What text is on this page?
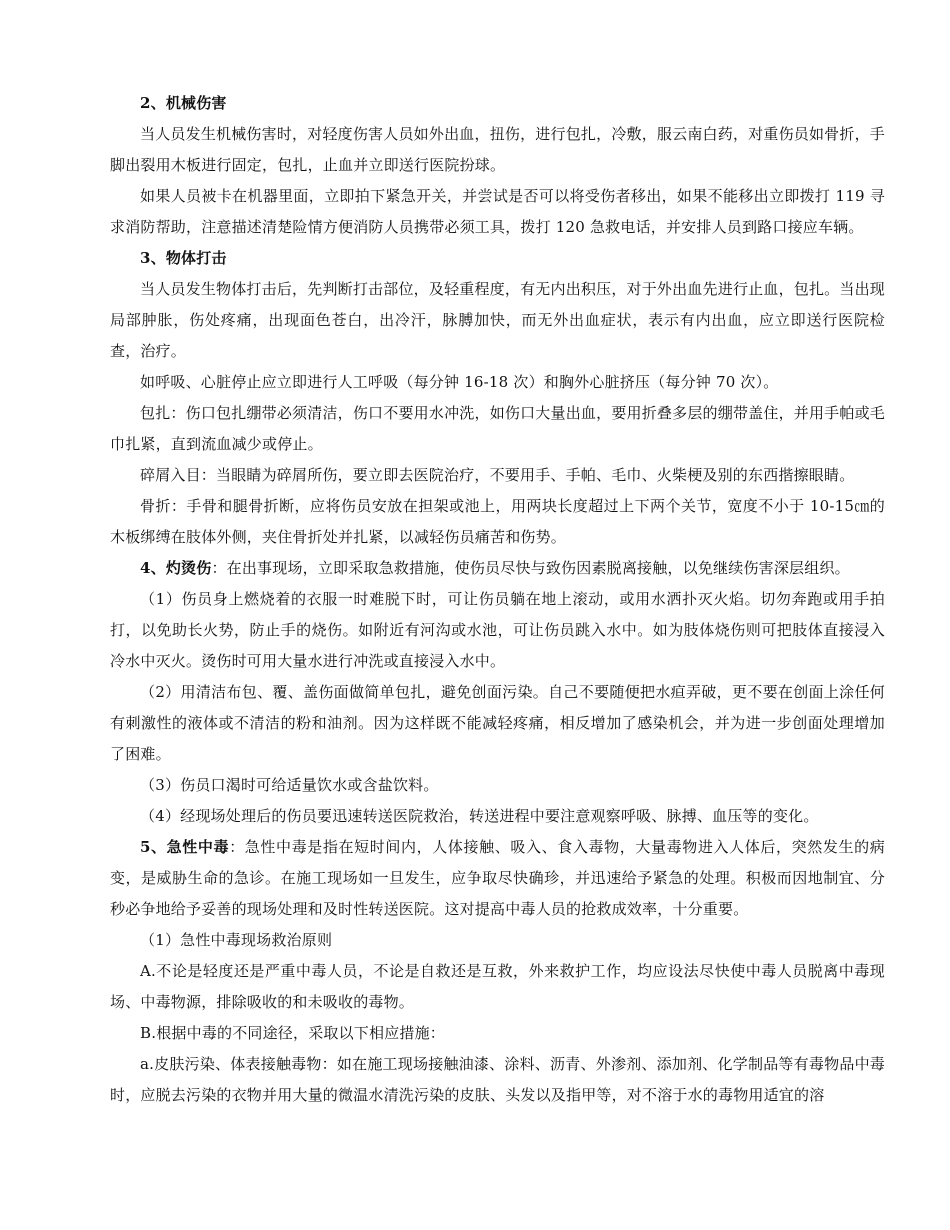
2、机械伤害

当人员发生机械伤害时，对轻度伤害人员如外出血，扭伤，进行包扎，冷敷，服云南白药，对重伤员如骨折，手脚出裂用木板进行固定，包扎，止血并立即送行医院扮球。

如果人员被卡在机器里面，立即拍下紧急开关，并尝试是否可以将受伤者移出，如果不能移出立即拨打 119 寻求消防帮助，注意描述清楚险情方便消防人员携带必须工具，拨打 120 急救电话，并安排人员到路口接应车辆。

3、物体打击

当人员发生物体打击后，先判断打击部位，及轻重程度，有无内出积压，对于外出血先进行止血，包扎。当出现局部肿胀，伤处疼痛，出现面色苍白，出冷汗，脉膊加快，而无外出血症状，表示有内出血，应立即送行医院检查，治疗。

如呼吸、心脏停止应立即进行人工呼吸（每分钟 16-18 次）和胸外心脏挤压（每分钟 70 次）。

包扎：伤口包扎绷带必须清洁，伤口不要用水冲洗，如伤口大量出血，要用折叠多层的绷带盖住，并用手帕或毛巾扎紧，直到流血减少或停止。

碎屑入目：当眼睛为碎屑所伤，要立即去医院治疗，不要用手、手帕、毛巾、火柴梗及别的东西揩擦眼睛。

骨折：手骨和腿骨折断，应将伤员安放在担架或池上，用两块长度超过上下两个关节，宽度不小于 10-15㎝的木板绑缚在肢体外侧，夹住骨折处并扎紧，以减轻伤员痛苦和伤势。

4、灼烫伤：在出事现场，立即采取急救措施，使伤员尽快与致伤因素脱离接触，以免继续伤害深层组织。

（1）伤员身上燃烧着的衣服一时难脱下时，可让伤员躺在地上滚动，或用水洒扑灭火焰。切勿奔跑或用手拍打，以免助长火势，防止手的烧伤。如附近有河沟或水池，可让伤员跳入水中。如为肢体烧伤则可把肢体直接浸入冷水中灭火。烫伤时可用大量水进行冲洗或直接浸入水中。

（2）用清洁布包、覆、盖伤面做简单包扎，避免创面污染。自己不要随便把水疸弄破，更不要在创面上涂任何有刺激性的液体或不清洁的粉和油剂。因为这样既不能减轻疼痛，相反增加了感染机会，并为进一步创面处理增加了困难。

（3）伤员口渴时可给适量饮水或含盐饮料。

（4）经现场处理后的伤员要迅速转送医院救治，转送进程中要注意观察呼吸、脉搏、血压等的变化。

5、急性中毒：急性中毒是指在短时间内，人体接触、吸入、食入毒物，大量毒物进入人体后，突然发生的病变，是威胁生命的急诊。在施工现场如一旦发生，应争取尽快确珍，并迅速给予紧急的处理。积极而因地制宜、分秒必争地给予妥善的现场处理和及时性转送医院。这对提高中毒人员的抢救成效率，十分重要。

（1）急性中毒现场救治原则

A.不论是轻度还是严重中毒人员，不论是自救还是互救，外来救护工作，均应设法尽快使中毒人员脱离中毒现场、中毒物源，排除吸收的和未吸收的毒物。

B.根据中毒的不同途径，采取以下相应措施：

a.皮肤污染、体表接触毒物：如在施工现场接触油漆、涂料、沥青、外渗剂、添加剂、化学制品等有毒物品中毒时，应脱去污染的衣物并用大量的微温水清洗污染的皮肤、头发以及指甲等，对不溶于水的毒物用适宜的溶
